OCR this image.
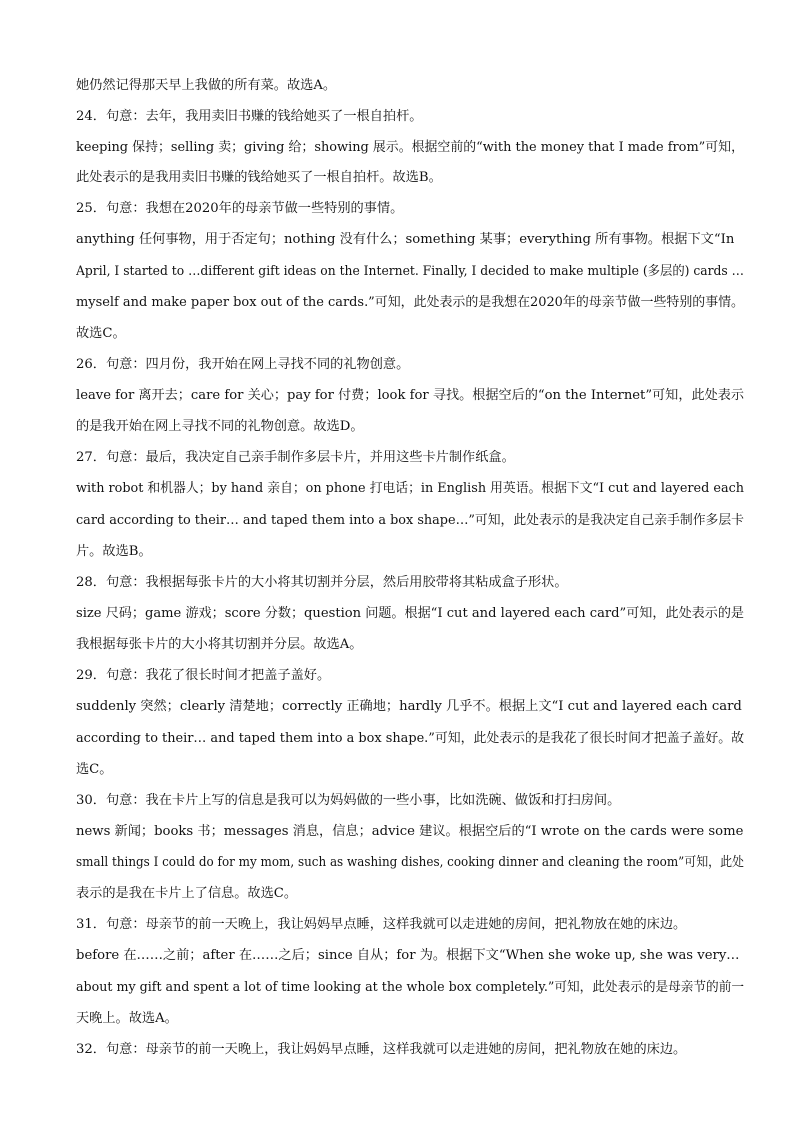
她仍然记得那天早上我做的所有菜。故选A。
24．句意：去年，我用卖旧书赚的钱给她买了一根自拍杆。
keeping 保持；selling 卖；giving 给；showing 展示。根据空前的“with the money that I made from”可知，
此处表示的是我用卖旧书赚的钱给她买了一根自拍杆。故选B。
25．句意：我想在2020年的母亲节做一些特别的事情。
anything 任何事物，用于否定句；nothing 没有什么；something 某事；everything 所有事物。根据下文“In
April, I started to …different gift ideas on the Internet. Finally, I decided to make multiple (多层的) cards …
myself and make paper box out of the cards.”可知，此处表示的是我想在2020年的母亲节做一些特别的事情。
故选C。
26．句意：四月份，我开始在网上寻找不同的礼物创意。
leave for 离开去；care for 关心；pay for 付费；look for 寻找。根据空后的“on the Internet”可知，此处表示
的是我开始在网上寻找不同的礼物创意。故选D。
27．句意：最后，我决定自己亲手制作多层卡片，并用这些卡片制作纸盒。
with robot 和机器人；by hand 亲自；on phone 打电话；in English 用英语。根据下文“I cut and layered each
card according to their… and taped them into a box shape…”可知，此处表示的是我决定自己亲手制作多层卡
片。故选B。
28．句意：我根据每张卡片的大小将其切割并分层，然后用胶带将其粘成盒子形状。
size 尺码；game 游戏；score 分数；question 问题。根据“I cut and layered each card”可知，此处表示的是
我根据每张卡片的大小将其切割并分层。故选A。
29．句意：我花了很长时间才把盖子盖好。
suddenly 突然；clearly 清楚地；correctly 正确地；hardly 几乎不。根据上文“I cut and layered each card
according to their… and taped them into a box shape.”可知，此处表示的是我花了很长时间才把盖子盖好。故
选C。
30．句意：我在卡片上写的信息是我可以为妈妈做的一些小事，比如洗碗、做饭和打扫房间。
news 新闻；books 书；messages 消息，信息；advice 建议。根据空后的“I wrote on the cards were some
small things I could do for my mom, such as washing dishes, cooking dinner and cleaning the room”可知，此处
表示的是我在卡片上了信息。故选C。
31．句意：母亲节的前一天晚上，我让妈妈早点睡，这样我就可以走进她的房间，把礼物放在她的床边。
before 在……之前；after 在……之后；since 自从；for 为。根据下文“When she woke up, she was very…
about my gift and spent a lot of time looking at the whole box completely.”可知，此处表示的是母亲节的前一
天晚上。故选A。
32．句意：母亲节的前一天晚上，我让妈妈早点睡，这样我就可以走进她的房间，把礼物放在她的床边。
